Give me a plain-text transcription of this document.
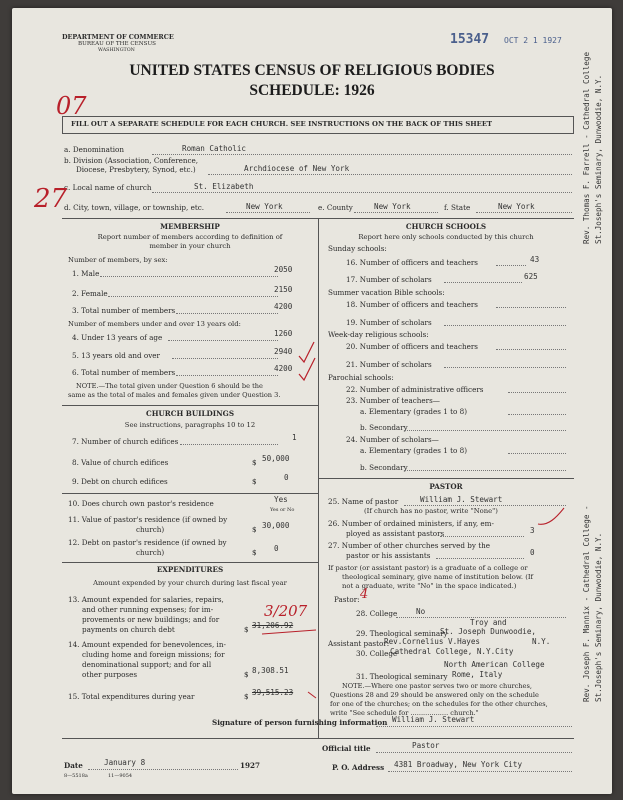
DEPARTMENT OF COMMERCE
BUREAU OF THE CENSUS
WASHINGTON
15347 OCT 2 1 1927
UNITED STATES CENSUS OF RELIGIOUS BODIES
SCHEDULE: 1926
07
FILL OUT A SEPARATE SCHEDULE FOR EACH CHURCH. SEE INSTRUCTIONS ON THE BACK OF THIS SHEET
a. Denomination	Roman Catholic
b. Division (Association, Conference,
Diocese, Presbytery, Synod, etc.)	Archdiocese of New York
c. Local name of church	St. Elizabeth
27
d. City, town, village, or township, etc.	New York	e. County	New York	f. State	New York
MEMBERSHIP
Report number of members according to definition of
member in your church
Number of members, by sex:
1. Male	2050
2. Female	2150
3. Total number of members	4200
Number of members under and over 13 years old:
4. Under 13 years of age	1260
5. 13 years old and over	2940
6. Total number of members	4200
NOTE.—The total given under Question 6 should be the
same as the total of males and females given under Question 3.
CHURCH BUILDINGS
See instructions, paragraphs 10 to 12
7. Number of church edifices	1
8. Value of church edifices	$ 50,000
9. Debt on church edifices	$	0
10. Does church own pastor's residence	Yes
Yes or No
11. Value of pastor's residence (if owned by
church)	$ 30,000
12. Debt on pastor's residence (if owned by
church)	$ 0
EXPENDITURES
Amount expended by your church during last fiscal year
13. Amount expended for salaries, repairs,
and other running expenses; for im-
provements or new buildings; and for
payments on church debt	$ 31,206.92
3/207
14. Amount expended for benevolences, in-
cluding home and foreign missions; for
denominational support; and for all
other purposes	$ 8,308.51
15. Total expenditures during year	$ 39,515.23
CHURCH SCHOOLS
Report here only schools conducted by this church
Sunday schools:
16. Number of officers and teachers	43
17. Number of scholars	625
Summer vacation Bible schools:
18. Number of officers and teachers
19. Number of scholars
Week-day religious schools:
20. Number of officers and teachers
21. Number of scholars
Parochial schools:
22. Number of administrative officers
23. Number of teachers—
a. Elementary (grades 1 to 8)
b. Secondary
24. Number of scholars—
a. Elementary (grades 1 to 8)
b. Secondary
PASTOR
25. Name of pastor	William J. Stewart
(If church has no pastor, write "None")
26. Number of ordained ministers, if any, em-
ployed as assistant pastors	3
27. Number of other churches served by the
pastor or his assistants	0
If pastor (or assistant pastor) is a graduate of a college or
theological seminary, give name of institution below. (If
not a graduate, write "No" in the space indicated.)
Pastor: 4
28. College No
Troy and
29. Theological seminary
St. Joseph Dunwoodie,
Assistant pastor:
Rev.Cornelius V.Hayes	N.Y.
30. College
Cathedral College, N.Y.City
North American College
31. Theological seminary Rome, Italy
NOTE.—Where one pastor serves two or more churches,
Questions 28 and 29 should be answered only on the schedule
for one of the churches; on the schedules for the other churches,
write "See schedule for .................. church."
Signature of person furnishing information William J. Stewart
Official title	Pastor
Date	January 8	1927	P. O. Address 4381 Broadway, New York City
8—5518a	11—9054
Rev. Thomas F. Farrell - Cathedral College St.Joseph's Seminary, Dunwoodie, N.Y.
Rev. Joseph F. Mannix - Cathedral College - St.Joseph's Seminary, Dunwoodie, N.Y.
